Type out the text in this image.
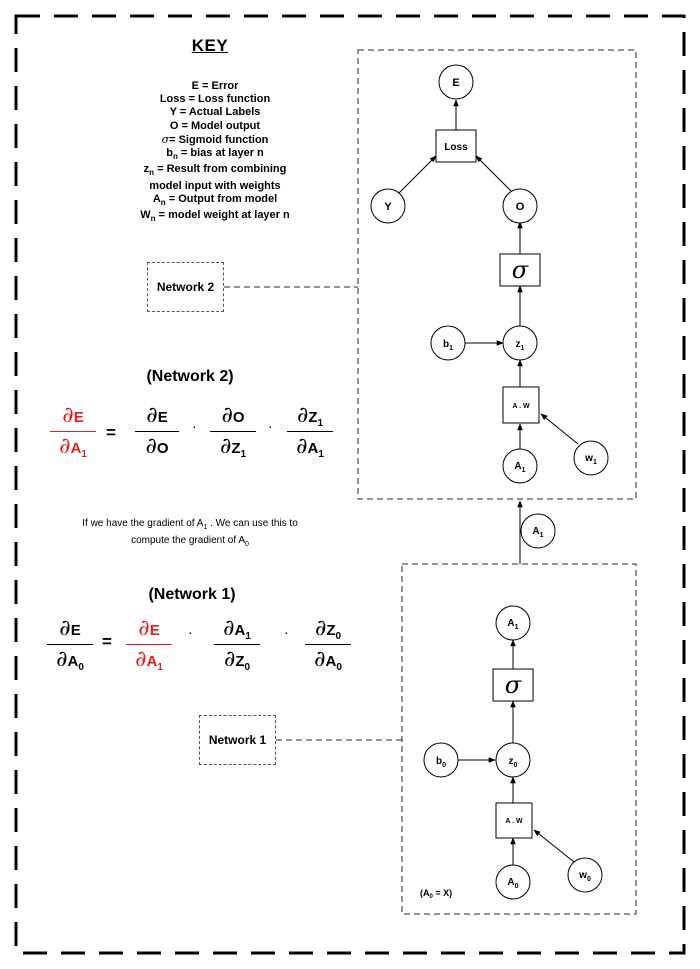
E
Loss
Y	O
σ
$b_1$	$z_1$
A . W
$A_1$
$w_1$
$A_1$
$A_1$
σ
$b_0$	$z_0$
A . W
$A_0$
$w_0$
$(A_0 = X)$
KEY
E = Error
Loss = Loss function
Y = Actual Labels
O = Model output
σ= Sigmoid function
$b_n$ = bias at layer n
$z_n$ = Result from combining
model input with weights
$A_n$ = Output from model
$W_n$ = model weight at layer n
Network 2
Network 1
(Network 2)
∂E
$\partial A_1$
=
∂E
∂O
·	∂O
$\partial Z_1$
·	$\partial Z_1$
$\partial A_1$
If we have the gradient of $A_1$ . We can use this to
compute the gradient of $A_0$
(Network 1)
∂E
$\partial A_0$
=
∂E
$\partial A_1$
·	$\partial A_1$
$\partial Z_0$
·	$\partial Z_0$
$\partial A_0$
